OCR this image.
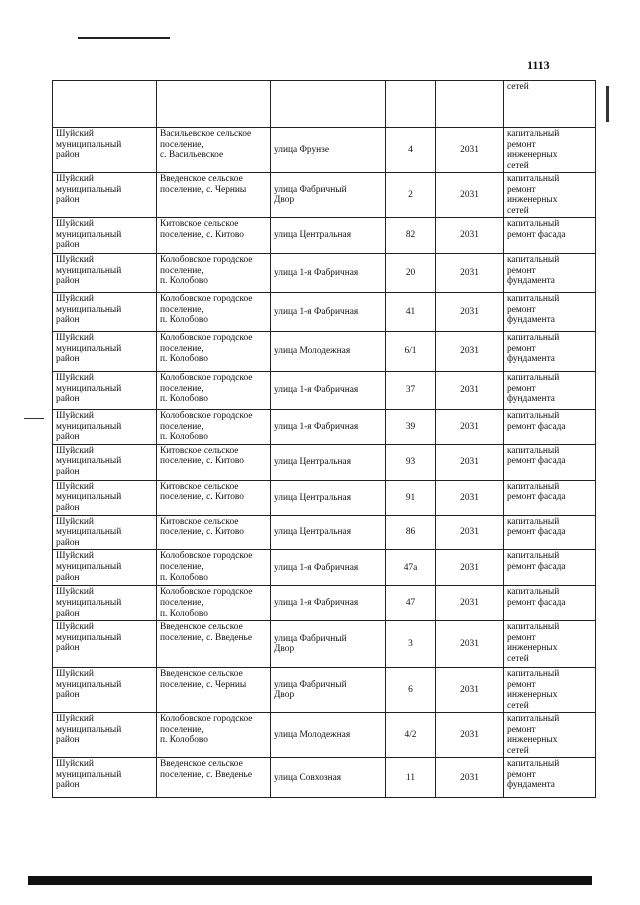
1113
					сетей
Шуйский
муниципальный
район	Васильевское сельское
поселение,
с. Васильевское	улица Фрунзе	4	2031	капитальный
ремонт
инженерных
сетей
Шуйский
муниципальный
район	Введенское сельское
поселение, с. Черниы	улица Фабричный
Двор	2	2031	капитальный
ремонт
инженерных
сетей
Шуйский
муниципальный
район	Китовское сельское
поселение, с. Китово	улица Центральная	82	2031	капитальный
ремонт фасада
Шуйский
муниципальный
район	Колобовское городское
поселение,
п. Колобово	улица 1-я Фабричная	20	2031	капитальный
ремонт
фундамента
Шуйский
муниципальный
район	Колобовское городское
поселение,
п. Колобово	улица 1-я Фабричная	41	2031	капитальный
ремонт
фундамента
Шуйский
муниципальный
район	Колобовское городское
поселение,
п. Колобово	улица Молодежная	6/1	2031	капитальный
ремонт
фундамента
Шуйский
муниципальный
район	Колобовское городское
поселение,
п. Колобово	улица 1-я Фабричная	37	2031	капитальный
ремонт
фундамента
Шуйский
муниципальный
район	Колобовское городское
поселение,
п. Колобово	улица 1-я Фабричная	39	2031	капитальный
ремонт фасада
Шуйский
муниципальный
район	Китовское сельское
поселение, с. Китово	улица Центральная	93	2031	капитальный
ремонт фасада
Шуйский
муниципальный
район	Китовское сельское
поселение, с. Китово	улица Центральная	91	2031	капитальный
ремонт фасада
Шуйский
муниципальный
район	Китовское сельское
поселение, с. Китово	улица Центральная	86	2031	капитальный
ремонт фасада
Шуйский
муниципальный
район	Колобовское городское
поселение,
п. Колобово	улица 1-я Фабричная	47а	2031	капитальный
ремонт фасада
Шуйский
муниципальный
район	Колобовское городское
поселение,
п. Колобово	улица 1-я Фабричная	47	2031	капитальный
ремонт фасада
Шуйский
муниципальный
район	Введенское сельское
поселение, с. Введенье	улица Фабричный
Двор	3	2031	капитальный
ремонт
инженерных
сетей
Шуйский
муниципальный
район	Введенское сельское
поселение, с. Черниы	улица Фабричный
Двор	6	2031	капитальный
ремонт
инженерных
сетей
Шуйский
муниципальный
район	Колобовское городское
поселение,
п. Колобово	улица Молодежная	4/2	2031	капитальный
ремонт
инженерных
сетей
Шуйский
муниципальный
район	Введенское сельское
поселение, с. Введенье	улица Совхозная	11	2031	капитальный
ремонт
фундамента
